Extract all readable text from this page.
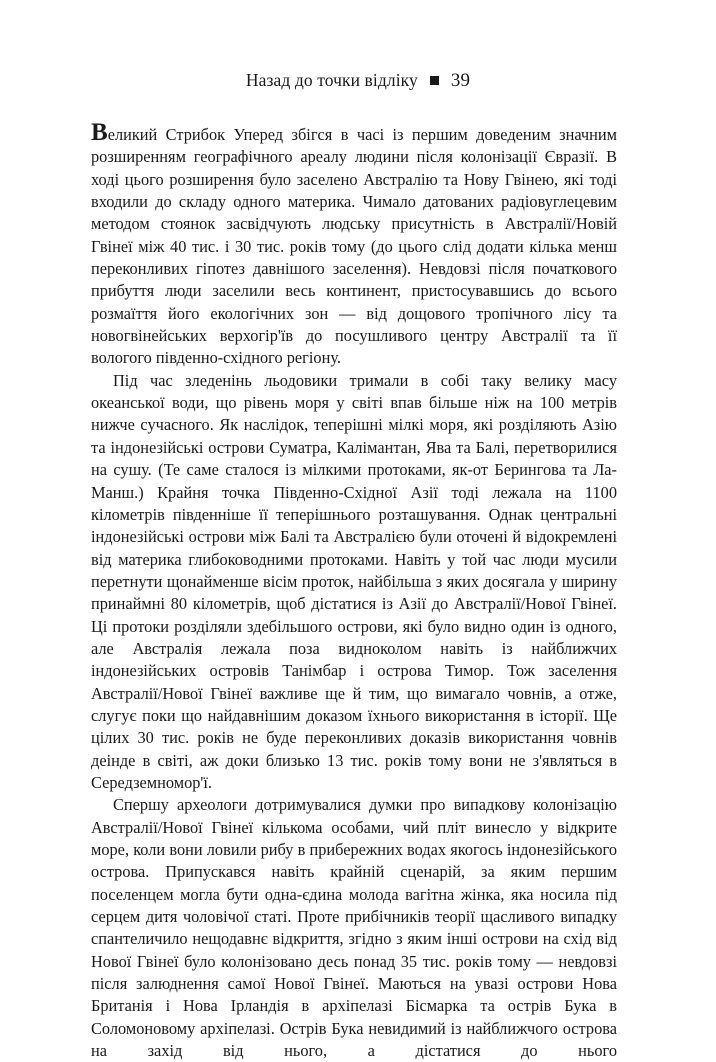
Назад до точки відліку 39

Великий Стрибок Уперед збігся в часі із першим доведеним значним розширенням географічного ареалу людини після колонізації Євразії. В ході цього розширення було заселено Австралію та Нову Гвінею, які тоді входили до складу одного материка. Чимало датованих радіовуглецевим методом стоянок засвідчують людську присутність в Австралії/Новій Гвінеї між 40 тис. і 30 тис. років тому (до цього слід додати кілька менш переконливих гіпотез давнішого заселення). Невдовзі після початкового прибуття люди заселили весь континент, пристосувавшись до всього розмаїття його екологічних зон — від дощового тропічного лісу та новогвінейських верхогір'їв до посушливого центру Австралії та її вологого південно-східного регіону.

Під час зледенінь льодовики тримали в собі таку велику масу океанської води, що рівень моря у світі впав більше ніж на 100 метрів нижче сучасного. Як наслідок, теперішні мілкі моря, які розділяють Азію та індонезійські острови Суматра, Калімантан, Ява та Балі, перетворилися на сушу. (Те саме сталося із мілкими протоками, як-от Берингова та Ла-Манш.) Крайня точка Південно-Східної Азії тоді лежала на 1100 кілометрів південніше її теперішнього розташування. Однак центральні індонезійські острови між Балі та Австралією були оточені й відокремлені від материка глибоководними протоками. Навіть у той час люди мусили перетнути щонайменше вісім проток, найбільша з яких досягала у ширину принаймні 80 кілометрів, щоб дістатися із Азії до Австралії/Нової Гвінеї. Ці протоки розділяли здебільшого острови, які було видно один із одного, але Австралія лежала поза видноколом навіть із найближчих індонезійських островів Танімбар і острова Тимор. Тож заселення Австралії/Нової Гвінеї важливе ще й тим, що вимагало човнів, а отже, слугує поки що найдавнішим доказом їхнього використання в історії. Ще цілих 30 тис. років не буде переконливих доказів використання човнів деінде в світі, аж доки близько 13 тис. років тому вони не з'являться в Середземномор'ї.

Спершу археологи дотримувалися думки про випадкову колонізацію Австралії/Нової Гвінеї кількома особами, чий пліт винесло у відкрите море, коли вони ловили рибу в прибережних водах якогось індонезійського острова. Припускався навіть крайній сценарій, за яким першим поселенцем могла бути одна-єдина молода вагітна жінка, яка носила під серцем дитя чоловічої статі. Проте прибічників теорії щасливого випадку спантеличило нещодавнє відкриття, згідно з яким інші острови на схід від Нової Гвінеї було колонізовано десь понад 35 тис. років тому — невдовзі після залюднення самої Нової Гвінеї. Маються на увазі острови Нова Британія і Нова Ірландія в архіпелазі Бісмарка та острів Бука в Соломоновому архіпелазі. Острів Бука невидимий із найближчого острова на захід від нього, а дістатися до нього
